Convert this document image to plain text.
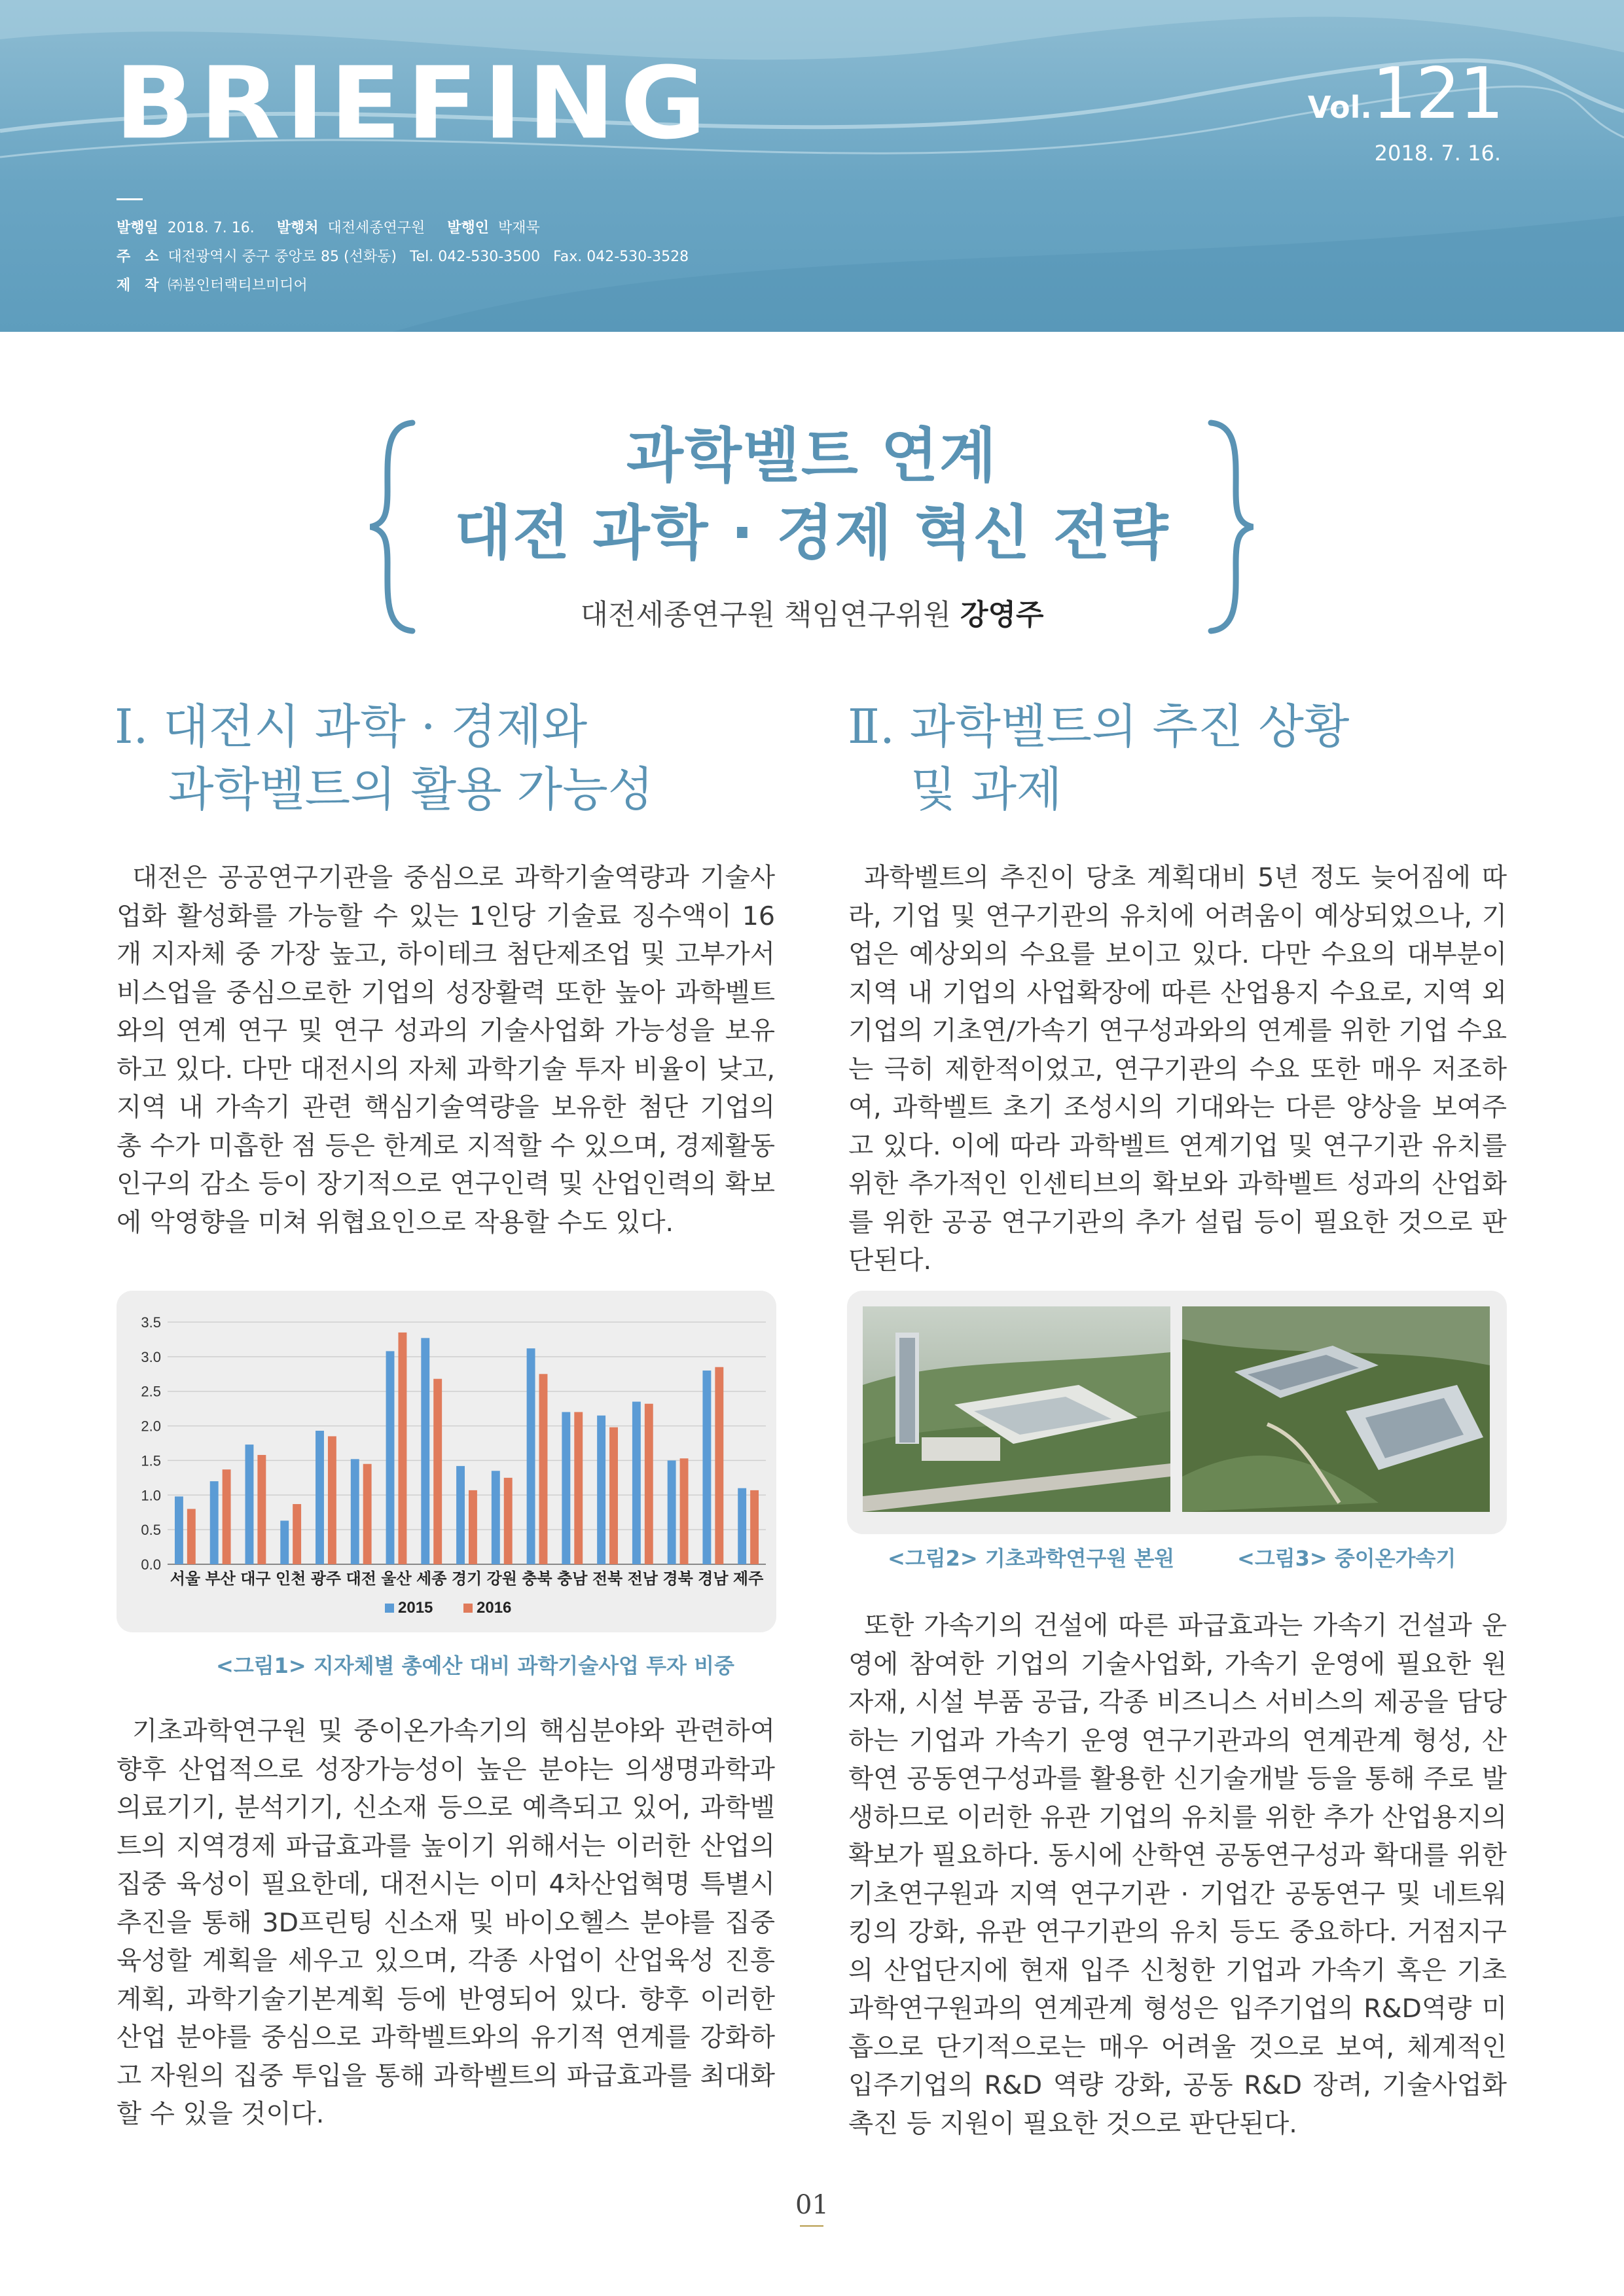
BRIEFING	Vol.121
2018. 7. 16.
발행일 2018. 7. 16. 발행처 대전세종연구원 발행인 박재묵
주　소 대전광역시 중구 중앙로 85 (선화동) Tel. 042-530-3500 Fax. 042-530-3528
제　작 ㈜봄인터랙티브미디어
과학벨트 연계
대전 과학 · 경제 혁신 전략
대전세종연구원 책임연구위원 강영주
Ⅰ. 대전시 과학 · 경제와
과학벨트의 활용 가능성

대전은 공공연구기관을 중심으로 과학기술역량과 기술사업화 활성화를 가능할 수 있는 1인당 기술료 징수액이 16개 지자체 중 가장 높고, 하이테크 첨단제조업 및 고부가서비스업을 중심으로한 기업의 성장활력 또한 높아 과학벨트와의 연계 연구 및 연구 성과의 기술사업화 가능성을 보유하고 있다. 다만 대전시의 자체 과학기술 투자 비율이 낮고, 지역 내 가속기 관련 핵심기술역량을 보유한 첨단 기업의 총 수가 미흡한 점 등은 한계로 지적할 수 있으며, 경제활동인구의 감소 등이 장기적으로 연구인력 및 산업인력의 확보에 악영향을 미쳐 위협요인으로 작용할 수도 있다.

0.0
0.5
1.0
1.5
2.0
2.5
3.0
3.5
서울 부산 대구 인천 광주 대전 울산 세종 경기 강원 충북 충남 전북 전남 경북 경남 제주
2015	2016
<그림1> 지자체별 총예산 대비 과학기술사업 투자 비중

기초과학연구원 및 중이온가속기의 핵심분야와 관련하여 향후 산업적으로 성장가능성이 높은 분야는 의생명과학과 의료기기, 분석기기, 신소재 등으로 예측되고 있어, 과학벨트의 지역경제 파급효과를 높이기 위해서는 이러한 산업의 집중 육성이 필요한데, 대전시는 이미 4차산업혁명 특별시 추진을 통해 3D프린팅 신소재 및 바이오헬스 분야를 집중 육성할 계획을 세우고 있으며, 각종 사업이 산업육성 진흥계획, 과학기술기본계획 등에 반영되어 있다. 향후 이러한 산업 분야를 중심으로 과학벨트와의 유기적 연계를 강화하고 자원의 집중 투입을 통해 과학벨트의 파급효과를 최대화 할 수 있을 것이다.

Ⅱ. 과학벨트의 추진 상황
및 과제

과학벨트의 추진이 당초 계획대비 5년 정도 늦어짐에 따라, 기업 및 연구기관의 유치에 어려움이 예상되었으나, 기업은 예상외의 수요를 보이고 있다. 다만 수요의 대부분이 지역 내 기업의 사업확장에 따른 산업용지 수요로, 지역 외 기업의 기초연/가속기 연구성과와의 연계를 위한 기업 수요는 극히 제한적이었고, 연구기관의 수요 또한 매우 저조하여, 과학벨트 초기 조성시의 기대와는 다른 양상을 보여주고 있다. 이에 따라 과학벨트 연계기업 및 연구기관 유치를 위한 추가적인 인센티브의 확보와 과학벨트 성과의 산업화를 위한 공공 연구기관의 추가 설립 등이 필요한 것으로 판단된다.

<그림2> 기초과학연구원 본원	<그림3> 중이온가속기

또한 가속기의 건설에 따른 파급효과는 가속기 건설과 운영에 참여한 기업의 기술사업화, 가속기 운영에 필요한 원자재, 시설 부품 공급, 각종 비즈니스 서비스의 제공을 담당하는 기업과 가속기 운영 연구기관과의 연계관계 형성, 산학연 공동연구성과를 활용한 신기술개발 등을 통해 주로 발생하므로 이러한 유관 기업의 유치를 위한 추가 산업용지의 확보가 필요하다. 동시에 산학연 공동연구성과 확대를 위한 기초연구원과 지역 연구기관 · 기업간 공동연구 및 네트워킹의 강화, 유관 연구기관의 유치 등도 중요하다. 거점지구의 산업단지에 현재 입주 신청한 기업과 가속기 혹은 기초과학연구원과의 연계관계 형성은 입주기업의 R&D역량 미흡으로 단기적으로는 매우 어려울 것으로 보여, 체계적인 입주기업의 R&D 역량 강화, 공동 R&D 장려, 기술사업화 촉진 등 지원이 필요한 것으로 판단된다.

01
